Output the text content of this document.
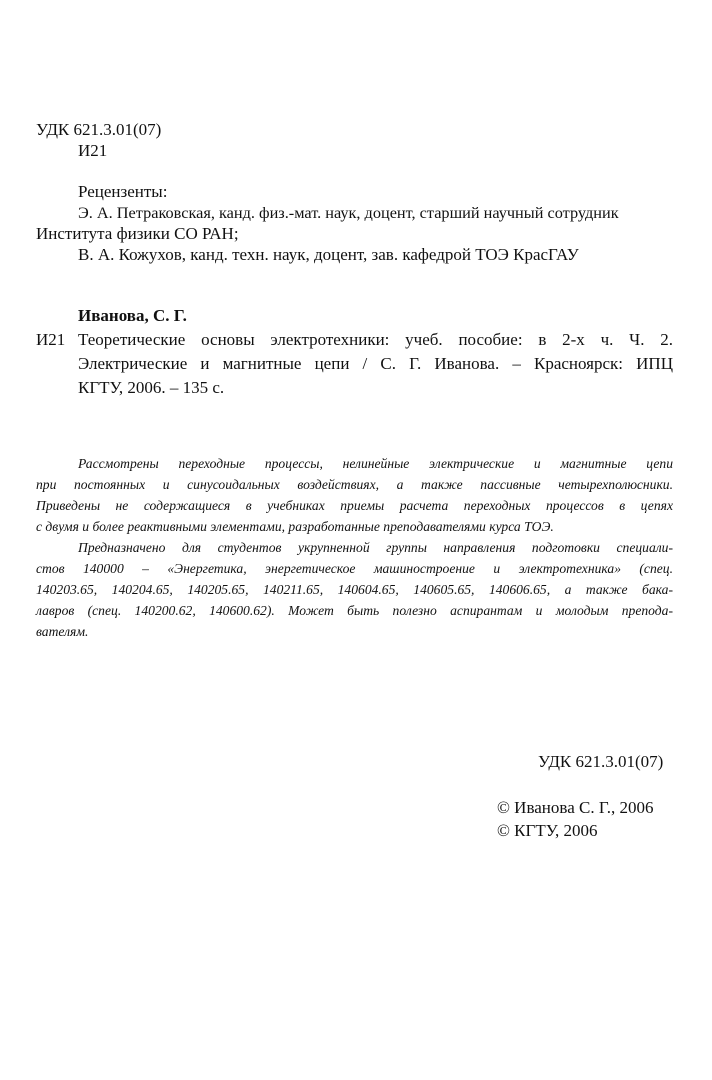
УДК 621.3.01(07)
И21
Рецензенты:
Э. А. Петраковская, канд. физ.-мат. наук, доцент, старший научный сотрудник
Института физики СО РАН;
В. А. Кожухов, канд. техн. наук, доцент, зав. кафедрой ТОЭ КрасГАУ
Иванова, С. Г.
И21 Теоретические основы электротехники: учеб. пособие: в 2-х ч. Ч. 2.
Электрические и магнитные цепи / С. Г. Иванова. – Красноярск: ИПЦ
КГТУ, 2006. – 135 с.
Рассмотрены переходные процессы, нелинейные электрические и магнитные цепи
при постоянных и синусоидальных воздействиях, а также пассивные четырехполюсники.
Приведены не содержащиеся в учебниках приемы расчета переходных процессов в цепях
с двумя и более реактивными элементами, разработанные преподавателями курса ТОЭ.
Предназначено для студентов укрупненной группы направления подготовки специали-
стов 140000 – «Энергетика, энергетическое машиностроение и электротехника» (спец.
140203.65, 140204.65, 140205.65, 140211.65, 140604.65, 140605.65, 140606.65, а также бака-
лавров (спец. 140200.62, 140600.62). Может быть полезно аспирантам и молодым препода-
вателям.
УДК 621.3.01(07)
© Иванова С. Г., 2006
© КГТУ, 2006
